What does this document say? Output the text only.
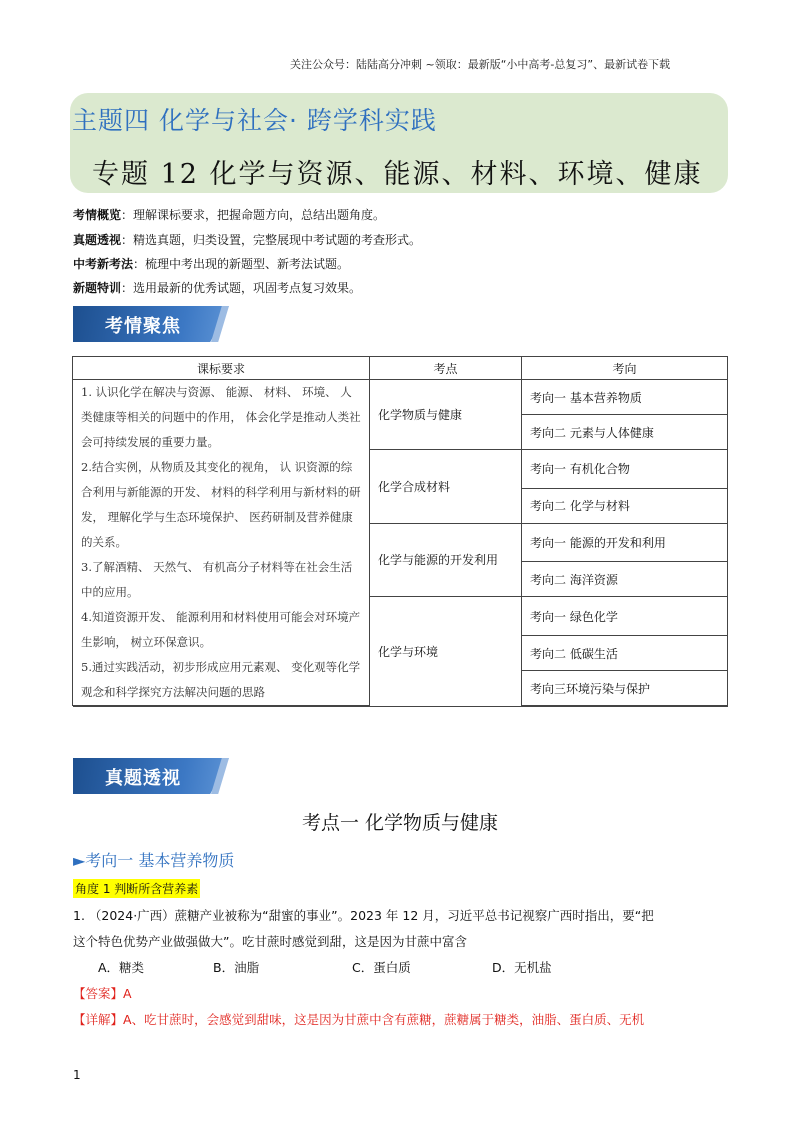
关注公众号：陆陆高分冲刺 ~领取：最新版“小中高考-总复习”、最新试卷下载
主题四 化学与社会· 跨学科实践
专题 12 化学与资源、能源、材料、环境、健康
考情概览：理解课标要求，把握命题方向，总结出题角度。
真题透视：精选真题，归类设置，完整展现中考试题的考查形式。
中考新考法：梳理中考出现的新题型、新考法试题。
新题特训：选用最新的优秀试题，巩固考点复习效果。
考情聚焦
课标要求	考点	考向

1. 认识化学在解决与资源、 能源、 材料、 环境、 人类健康等相关的问题中的作用， 体会化学是推动人类社会可持续发展的重要力量。

2.结合实例，从物质及其变化的视角， 认 识资源的综合利用与新能源的开发、 材料的科学利用与新材料的研发， 理解化学与生态环境保护、 医药研制及营养健康的关系。

3.了解酒精、 天然气、 有机高分子材料等在社会生活中的应用。

4.知道资源开发、 能源利用和材料使用可能会对环境产生影响， 树立环保意识。

5.通过实践活动，初步形成应用元素观、 变化观等化学观念和科学探究方法解决问题的思路	化学物质与健康	考向一 基本营养物质
		考向二 元素与人体健康
	化学合成材料	考向一 有机化合物
		考向二 化学与材料
	化学与能源的开发利用	考向一 能源的开发和利用
		考向二 海洋资源
	化学与环境	考向一 绿色化学
		考向二 低碳生活
		考向三环境污染与保护

真题透视
考点一 化学物质与健康
►考向一 基本营养物质
角度 1 判断所含营养素
1. （2024·广西）蔗糖产业被称为“甜蜜的事业”。2023 年 12 月，习近平总书记视察广西时指出，要“把
这个特色优势产业做强做大”。吃甘蔗时感觉到甜，这是因为甘蔗中富含
A．糖类	B．油脂	C．蛋白质	D．无机盐
【答案】A
【详解】A、吃甘蔗时，会感觉到甜味，这是因为甘蔗中含有蔗糖，蔗糖属于糖类，油脂、蛋白质、无机
1
